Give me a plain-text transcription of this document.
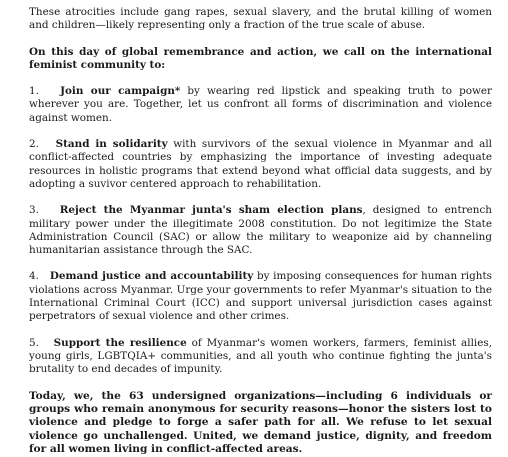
These atrocities include gang rapes, sexual slavery, and the brutal killing of women and children—likely representing only a fraction of the true scale of abuse.

On this day of global remembrance and action, we call on the international feminist community to:

1. Join our campaign* by wearing red lipstick and speaking truth to power wherever you are. Together, let us confront all forms of discrimination and violence against women.

2. Stand in solidarity with survivors of the sexual violence in Myanmar and all conflict-affected countries by emphasizing the importance of investing adequate resources in holistic programs that extend beyond what official data suggests, and by adopting a suvivor centered approach to rehabilitation.

3. Reject the Myanmar junta's sham election plans, designed to entrench military power under the illegitimate 2008 constitution. Do not legitimize the State Administration Council (SAC) or allow the military to weaponize aid by channeling humanitarian assistance through the SAC.

4. Demand justice and accountability by imposing consequences for human rights violations across Myanmar. Urge your governments to refer Myanmar's situation to the International Criminal Court (ICC) and support universal jurisdiction cases against perpetrators of sexual violence and other crimes.

5. Support the resilience of Myanmar's women workers, farmers, feminist allies, young girls, LGBTQIA+ communities, and all youth who continue fighting the junta's brutality to end decades of impunity.

Today, we, the 63 undersigned organizations—including 6 individuals or groups who remain anonymous for security reasons—honor the sisters lost to violence and pledge to forge a safer path for all. We refuse to let sexual violence go unchallenged. United, we demand justice, dignity, and freedom for all women living in conflict-affected areas.
